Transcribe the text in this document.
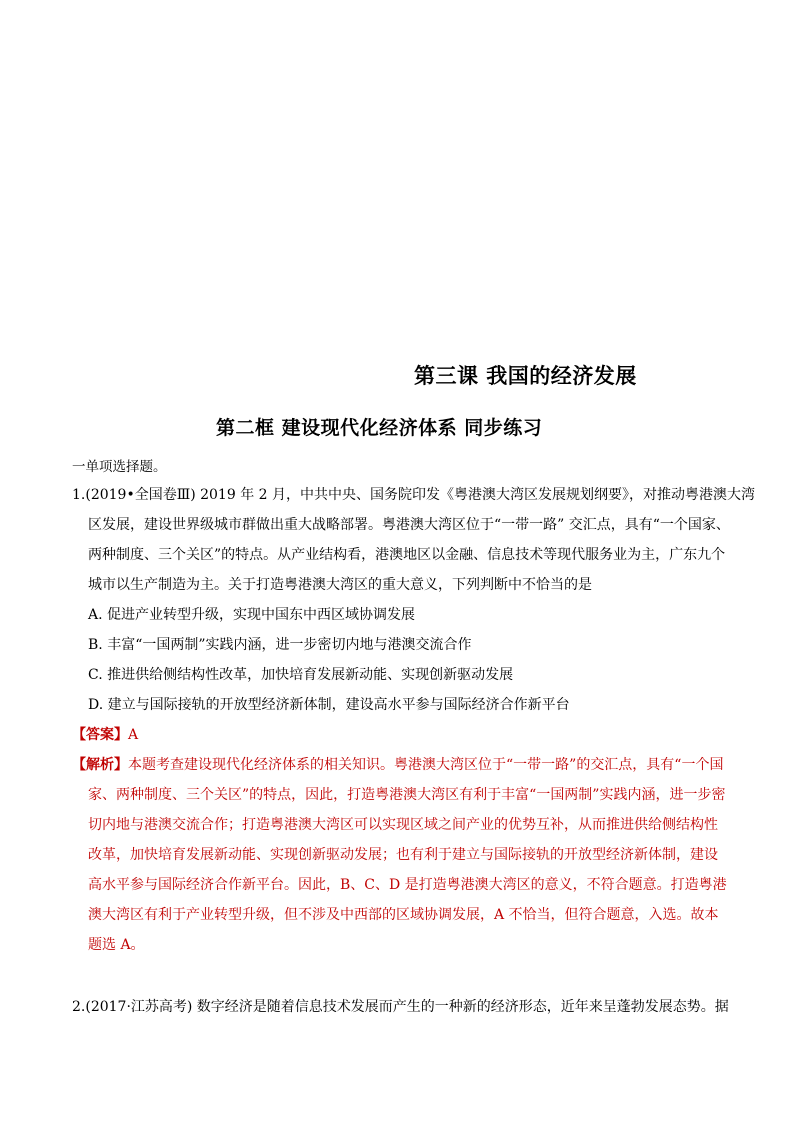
第三课 我国的经济发展
第二框 建设现代化经济体系 同步练习
一单项选择题。
1.(2019•全国卷Ⅲ) 2019 年 2 月，中共中央、国务院印发《粤港澳大湾区发展规划纲要》，对推动粤港澳大湾
区发展，建设世界级城市群做出重大战略部署。粤港澳大湾区位于“一带一路” 交汇点，具有“一个国家、
两种制度、三个关区”的特点。从产业结构看，港澳地区以金融、信息技术等现代服务业为主，广东九个
城市以生产制造为主。关于打造粤港澳大湾区的重大意义，下列判断中不恰当的是
A. 促进产业转型升级，实现中国东中西区域协调发展
B. 丰富“一国两制”实践内涵，进一步密切内地与港澳交流合作
C. 推进供给侧结构性改革，加快培育发展新动能、实现创新驱动发展
D. 建立与国际接轨的开放型经济新体制，建设高水平参与国际经济合作新平台
【答案】A
【解析】本题考查建设现代化经济体系的相关知识。粤港澳大湾区位于“一带一路”的交汇点，具有“一个国
家、两种制度、三个关区”的特点，因此，打造粤港澳大湾区有利于丰富“一国两制”实践内涵，进一步密
切内地与港澳交流合作；打造粤港澳大湾区可以实现区域之间产业的优势互补，从而推进供给侧结构性
改革，加快培育发展新动能、实现创新驱动发展；也有利于建立与国际接轨的开放型经济新体制，建设
高水平参与国际经济合作新平台。因此，B、C、D 是打造粤港澳大湾区的意义，不符合题意。打造粤港
澳大湾区有利于产业转型升级，但不涉及中西部的区域协调发展，A 不恰当，但符合题意，入选。故本
题选 A。
2.(2017·江苏高考) 数字经济是随着信息技术发展而产生的一种新的经济形态，近年来呈蓬勃发展态势。据
